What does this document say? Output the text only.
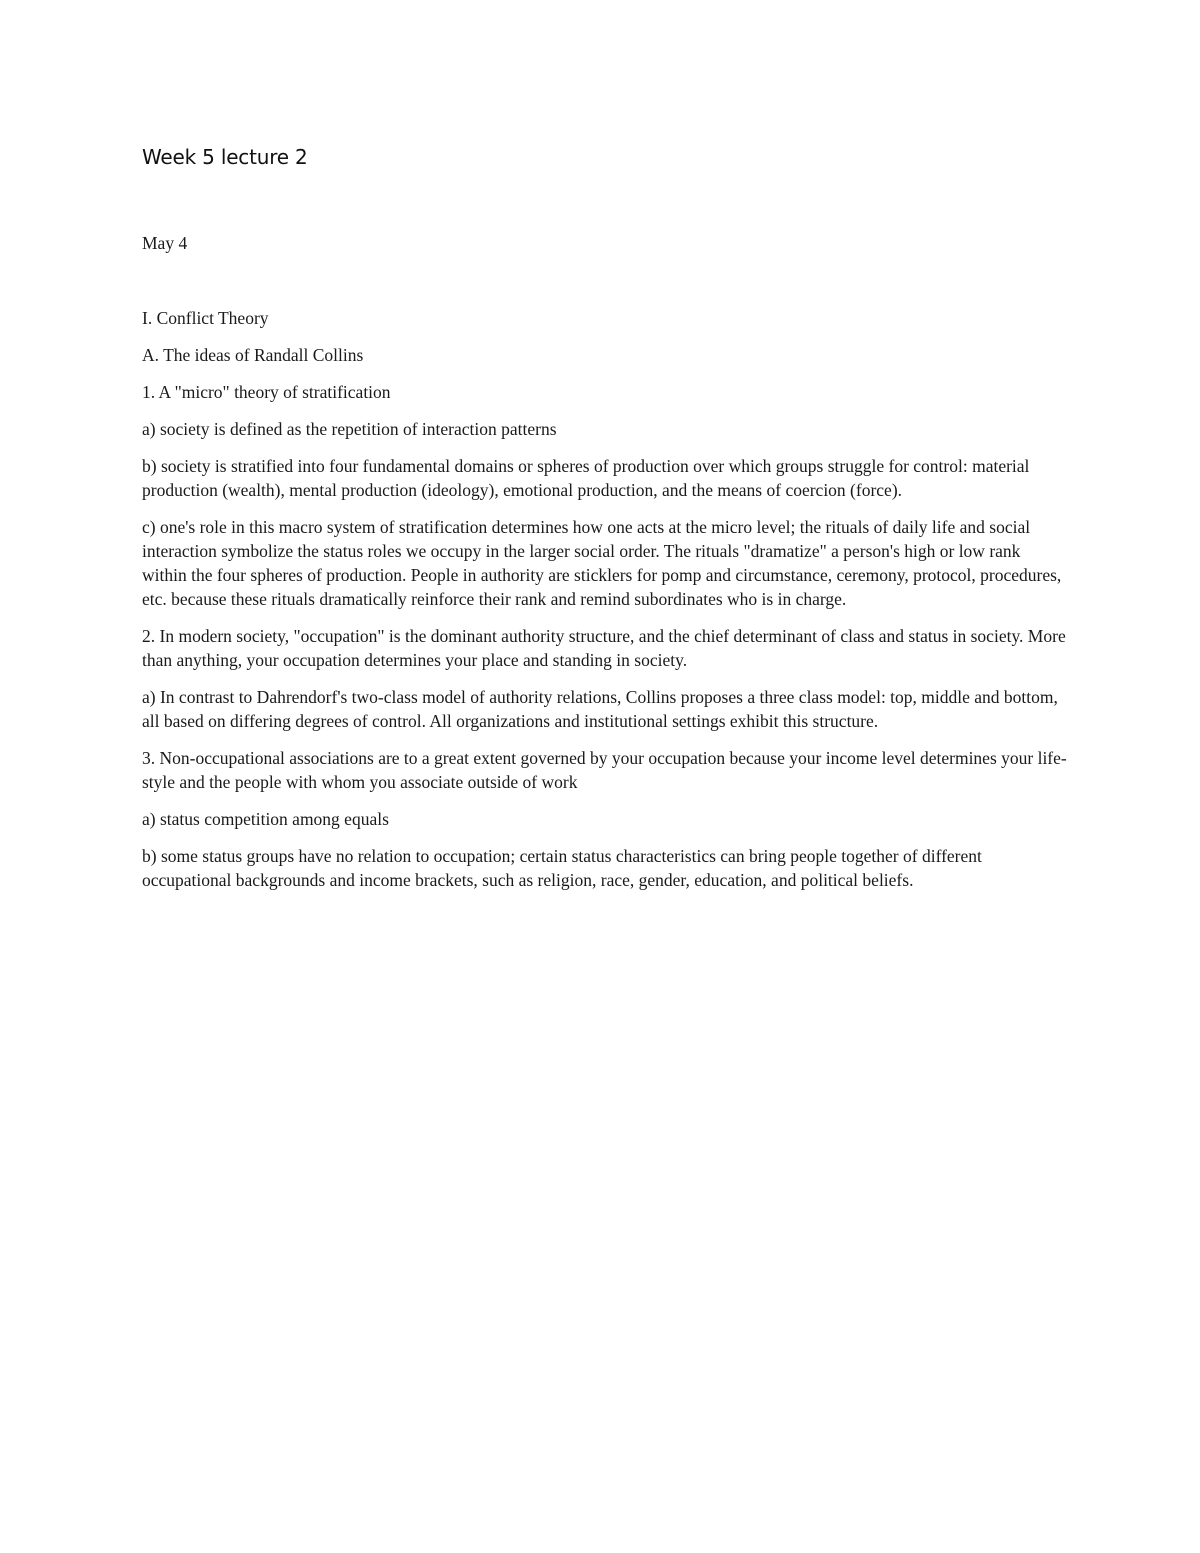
Week 5 lecture 2
May 4

I. Conflict Theory

A. The ideas of Randall Collins

1. A "micro" theory of stratification

a) society is defined as the repetition of interaction patterns

b) society is stratified into four fundamental domains or spheres of production over which groups struggle for control: material production (wealth), mental production (ideology), emotional production, and the means of coercion (force).

c) one's role in this macro system of stratification determines how one acts at the micro level; the rituals of daily life and social interaction symbolize the status roles we occupy in the larger social order. The rituals "dramatize" a person's high or low rank within the four spheres of production. People in authority are sticklers for pomp and circumstance, ceremony, protocol, procedures, etc. because these rituals dramatically reinforce their rank and remind subordinates who is in charge.

2. In modern society, "occupation" is the dominant authority structure, and the chief determinant of class and status in society. More than anything, your occupation determines your place and standing in society.

a) In contrast to Dahrendorf's two-class model of authority relations, Collins proposes a three class model: top, middle and bottom, all based on differing degrees of control. All organizations and institutional settings exhibit this structure.

3. Non-occupational associations are to a great extent governed by your occupation because your income level determines your life-style and the people with whom you associate outside of work

a) status competition among equals

b) some status groups have no relation to occupation; certain status characteristics can bring people together of different occupational backgrounds and income brackets, such as religion, race, gender, education, and political beliefs.
